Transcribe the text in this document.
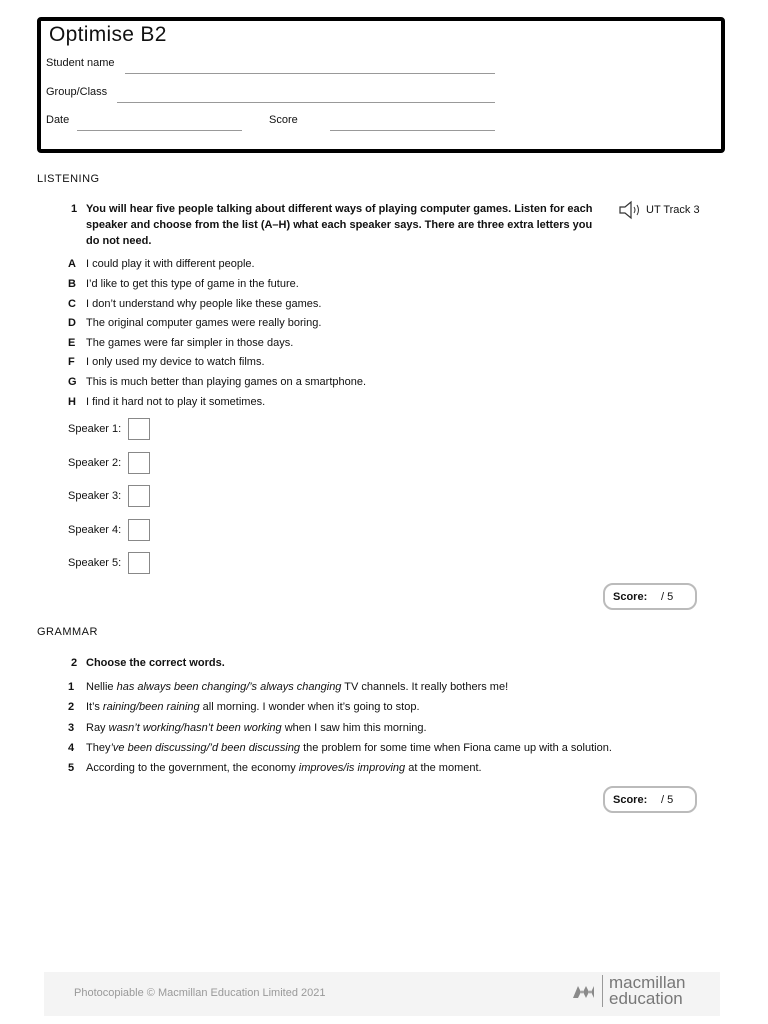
Optimise B2
Student name
Group/Class
Date	Score
LISTENING
1 You will hear five people talking about different ways of playing computer games. Listen for each speaker and choose from the list (A–H) what each speaker says. There are three extra letters you do not need.
UT Track 3
A I could play it with different people.
B I’d like to get this type of game in the future.
C I don’t understand why people like these games.
D The original computer games were really boring.
E The games were far simpler in those days.
F	I only used my device to watch films.
G This is much better than playing games on a smartphone.
H I find it hard not to play it sometimes.
Speaker 1:
Speaker 2:
Speaker 3:
Speaker 4:
Speaker 5:
Score:	/ 5
GRAMMAR
2 Choose the correct words.
1	Nellie has always been changing / ’s always changing TV channels. It really bothers me!
2	It’s raining / been raining all morning. I wonder when it’s going to stop.
3	Ray wasn’t working / hasn’t been working when I saw him this morning.
4	They ’ve been discussing / ’d been discussing the problem for some time when Fiona came up with a solution.
5	According to the government, the economy improves / is improving at the moment.
Score:	/ 5
Photocopiable © Macmillan Education Limited 2021
macmillan
education
